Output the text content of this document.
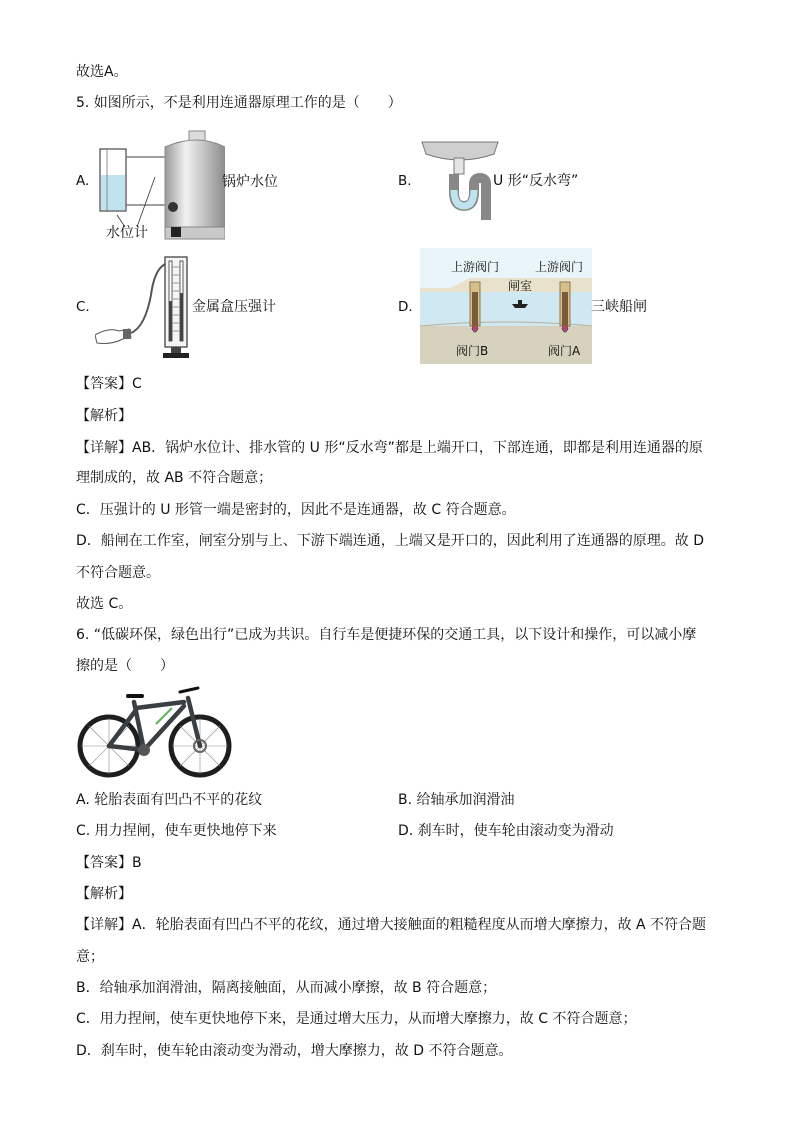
故选A。
5. 如图所示，不是利用连通器原理工作的是（　　）
A.	锅炉水位
水位计
B.	U 形“反水弯”
C.	金属盒压强计	D.
上游阀门	上游阀门
闸室
阀门B	阀门A
三峡船闸
【答案】C
【解析】
【详解】AB．锅炉水位计、排水管的 U 形“反水弯”都是上端开口，下部连通，即都是利用连通器的原
理制成的，故 AB 不符合题意；
C．压强计的 U 形管一端是密封的，因此不是连通器，故 C 符合题意。
D．船闸在工作室，闸室分别与上、下游下端连通，上端又是开口的，因此利用了连通器的原理。故 D
不符合题意。
故选 C。
6. “低碳环保，绿色出行”已成为共识。自行车是便捷环保的交通工具，以下设计和操作，可以减小摩
擦的是（　　）
A. 轮胎表面有凹凸不平的花纹	B. 给轴承加润滑油
C. 用力捏闸，使车更快地停下来	D. 刹车时，使车轮由滚动变为滑动
【答案】B
【解析】
【详解】A．轮胎表面有凹凸不平的花纹，通过增大接触面的粗糙程度从而增大摩擦力，故 A 不符合题
意；
B．给轴承加润滑油，隔离接触面，从而减小摩擦，故 B 符合题意；
C．用力捏闸，使车更快地停下来，是通过增大压力，从而增大摩擦力，故 C 不符合题意；
D．刹车时，使车轮由滚动变为滑动，增大摩擦力，故 D 不符合题意。
